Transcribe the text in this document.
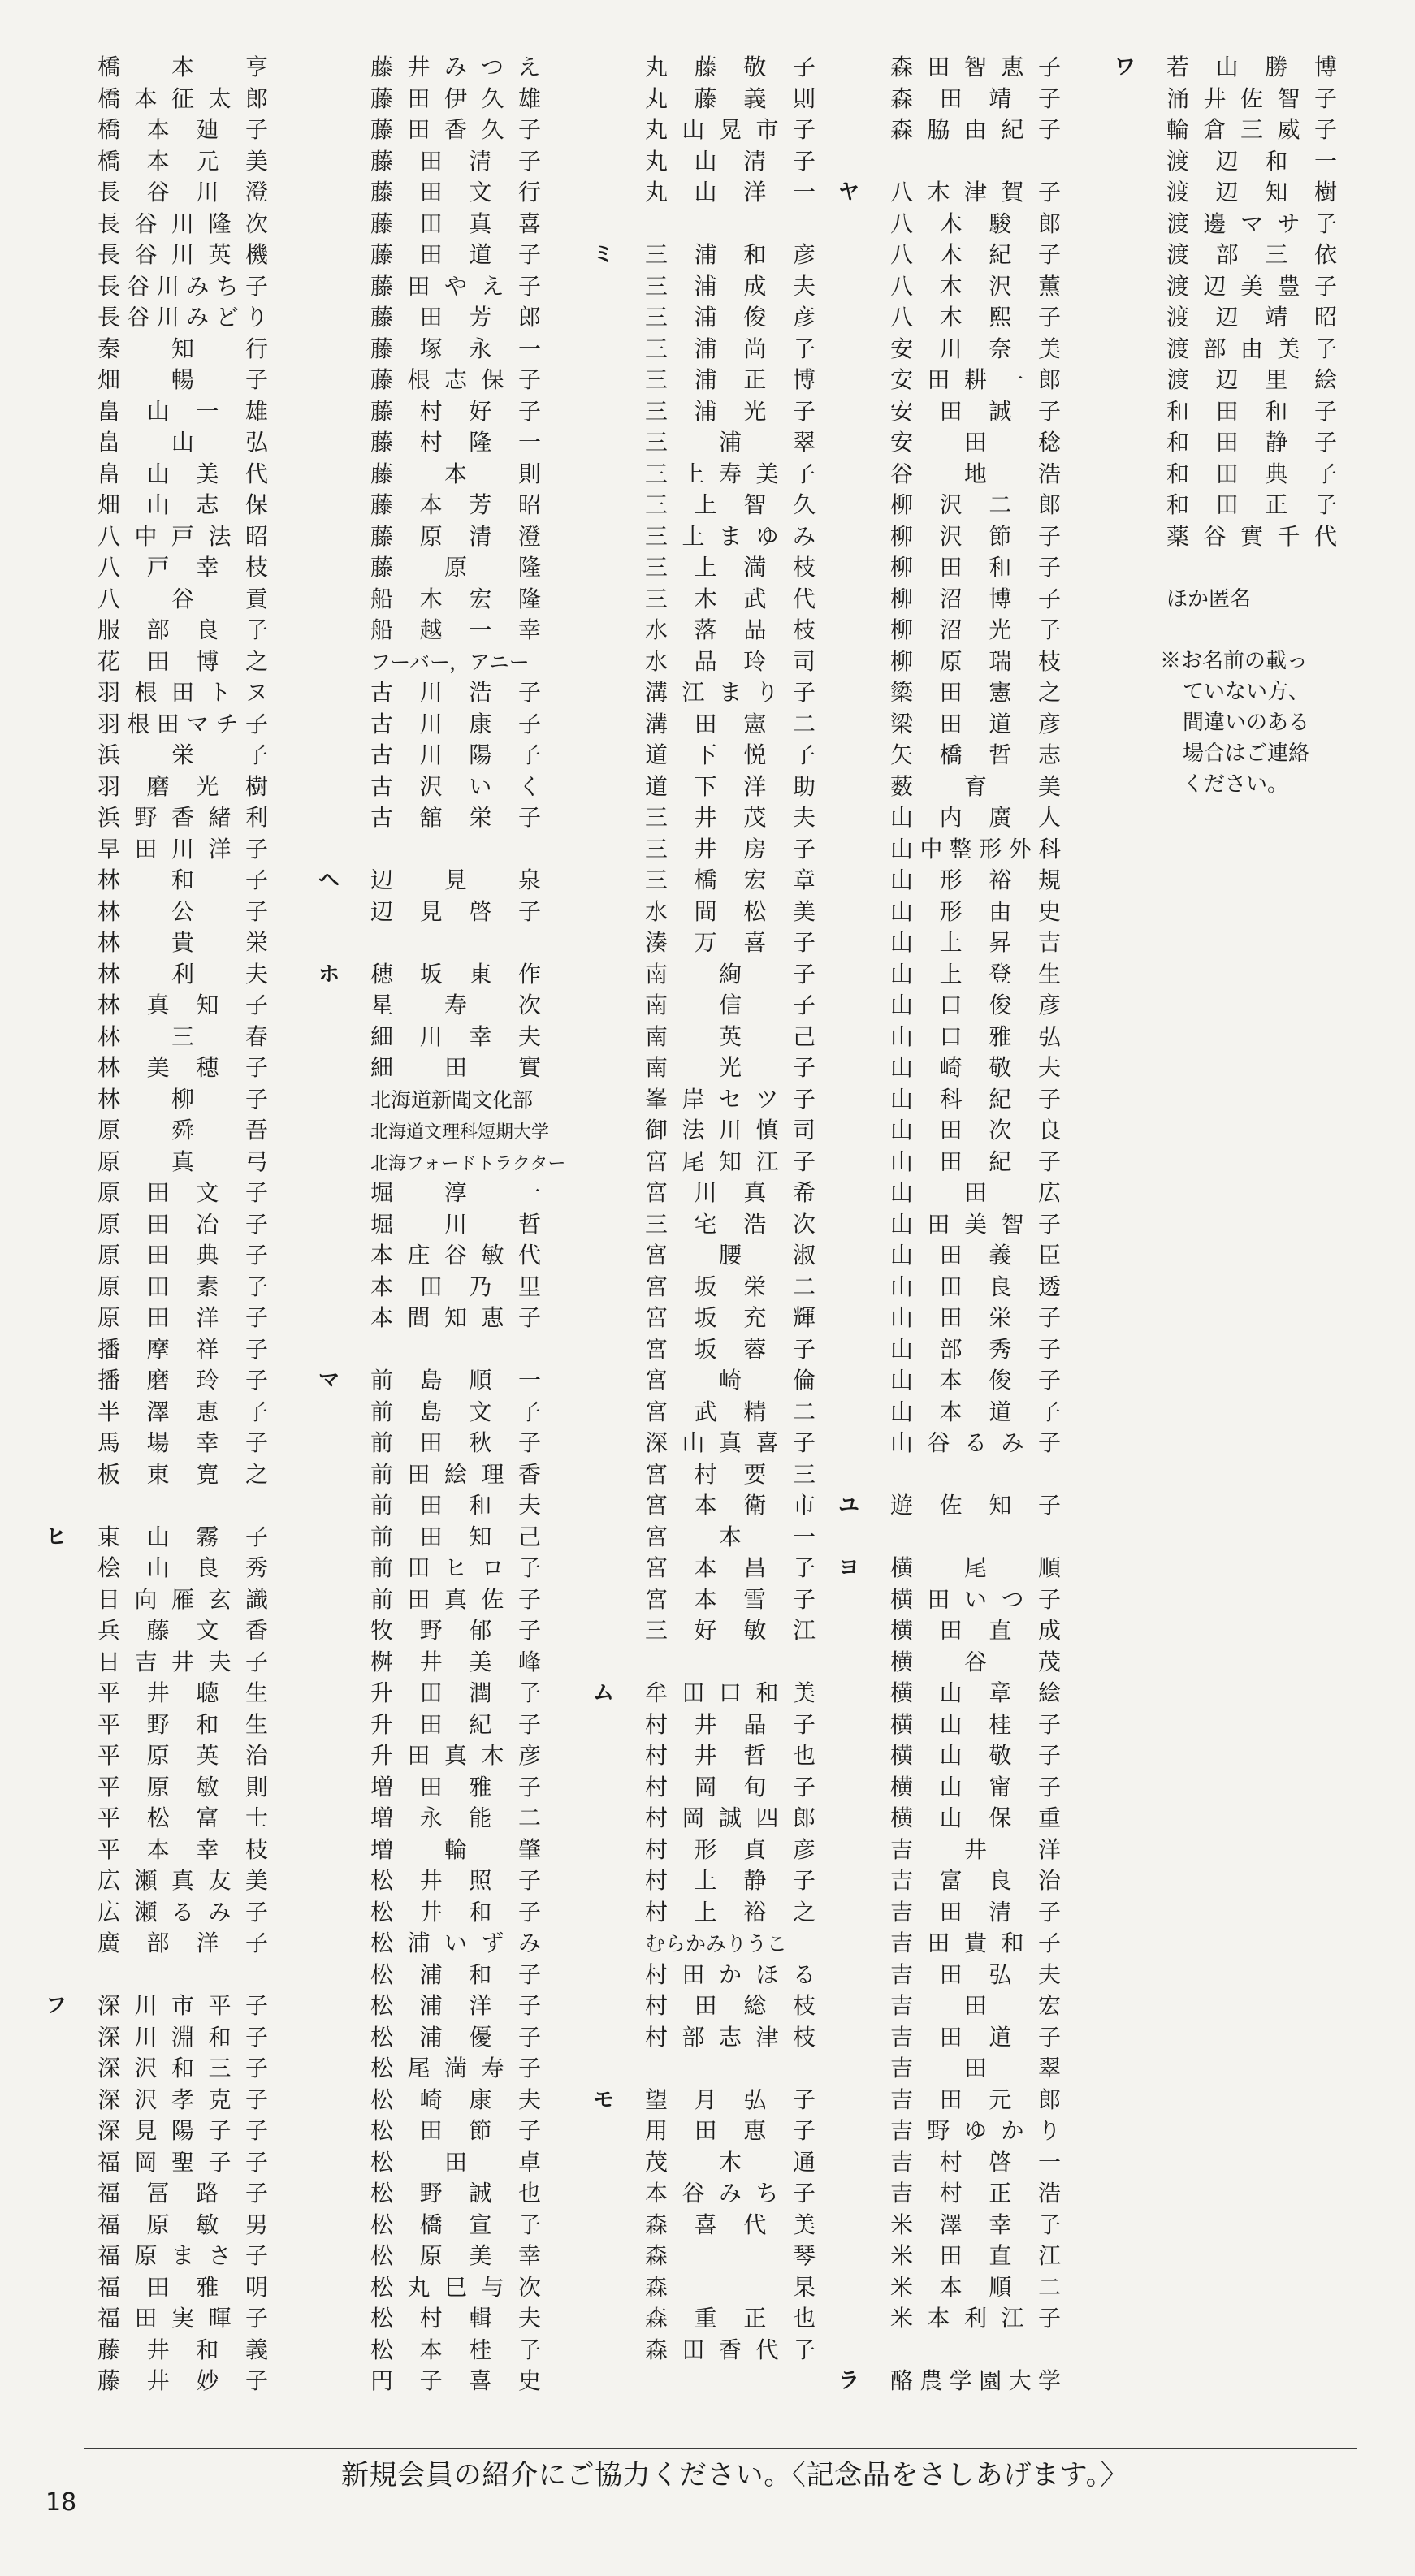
橋本亨
橋本征太郎
橋本廸子
橋本元美
長谷川澄
長谷川隆次
長谷川英機
長谷川みち子
長谷川みどり
秦知行
畑暢子
畠山一雄
畠山弘
畠山美代
畑山志保
八中戸法昭
八戸幸枝
八谷貢
服部良子
花田博之
羽根田トヌ
羽根田マチ子
浜栄子
羽磨光樹
浜野香緒利
早田川洋子
林和子
林公子
林貴栄
林利夫
林真知子
林三春
林美穂子
林柳子
原舜吾
原真弓
原田文子
原田冶子
原田典子
原田素子
原田洋子
播摩祥子
播磨玲子
半澤恵子
馬場幸子
板東寛之
ヒ 東山霧子
桧山良秀
日向雁玄識
兵藤文香
日吉井夫子
平井聴生
平野和生
平原英治
平原敏則
平松富士
平本幸枝
広瀬真友美
広瀬るみ子
廣部洋子
フ 深川市平子
深川淵和子
深沢和三子
深沢孝克子
深見陽子子
福岡聖子子
福冨路子
福原敏男
福原まさ子
福田雅明
福田実暉子
藤井和義
藤井妙子
藤井みつえ
藤田伊久雄
藤田香久子
藤田清子
藤田文行
藤田真喜
藤田道子
藤田やえ子
藤田芳郎
藤塚永一
藤根志保子
藤村好子
藤村隆一
藤本則
藤本芳昭
藤原清澄
藤原隆
船木宏隆
船越一幸
フーバー，アニー
古川浩子
古川康子
古川陽子
古沢いく
古舘栄子
ヘ 辺見泉
辺見啓子
ホ 穂坂東作
星寿次
細川幸夫
細田實
北海道新聞文化部
北海道文理科短期大学
北海フォードトラクター
堀淳一
堀川哲
本庄谷敏代
本田乃里
本間知恵子
マ 前島順一
前島文子
前田秋子
前田絵理香
前田和夫
前田知己
前田ヒロ子
前田真佐子
牧野郁子
桝井美峰
升田潤子
升田紀子
升田真木彦
増田雅子
増永能二
増輪肇
松井照子
松井和子
松浦いずみ
松浦和子
松浦洋子
松浦優子
松尾満寿子
松崎康夫
松田節子
松田卓
松野誠也
松橋宣子
松原美幸
松丸巳与次
松村輯夫
松本桂子
円子喜史
丸藤敬子
丸藤義則
丸山晃市子
丸山清子
丸山洋一
ミ 三浦和彦
三浦成夫
三浦俊彦
三浦尚子
三浦正博
三浦光子
三浦翠
三上寿美子
三上智久
三上まゆみ
三上満枝
三木武代
水落品枝
水品玲司
溝江まり子
溝田憲二
道下悦子
道下洋助
三井茂夫
三井房子
三橋宏章
水間松美
湊万喜子
南絢子
南信子
南英己
南光子
峯岸セツ子
御法川慎司
宮尾知江子
宮川真希
三宅浩次
宮腰淑
宮坂栄二
宮坂充輝
宮坂蓉子
宮崎倫
宮武精二
深山真喜子
宮村要三
宮本衛市
宮本一
宮本昌子
宮本雪子
三好敏江
ム 牟田口和美
村井晶子
村井哲也
村岡旬子
村岡誠四郎
村形貞彦
村上静子
村上裕之
むらかみりうこ
村田かほる
村田総枝
村部志津枝
モ 望月弘子
用田恵子
茂木通
本谷みち子
森喜代美
森琴
森杲
森重正也
森田香代子
森田智恵子
森田靖子
森脇由紀子
ヤ 八木津賀子
八木駿郎
八木紀子
八木沢薫
八木熙子
安川奈美
安田耕一郎
安田誠子
安田稔
谷地浩
柳沢二郎
柳沢節子
柳田和子
柳沼博子
柳沼光子
柳原瑞枝
簗田憲之
梁田道彦
矢橋哲志
薮育美
山内廣人
山中整形外科
山形裕規
山形由史
山上昇吉
山上登生
山口俊彦
山口雅弘
山崎敬夫
山科紀子
山田次良
山田紀子
山田広
山田美智子
山田義臣
山田良透
山田栄子
山部秀子
山本俊子
山本道子
山谷るみ子
ユ 遊佐知子
ヨ 横尾順
横田いつ子
横田直成
横谷茂
横山章絵
横山桂子
横山敬子
横山甯子
横山保重
吉井洋
吉富良治
吉田清子
吉田貴和子
吉田弘夫
吉田宏
吉田道子
吉田翠
吉田元郎
吉野ゆかり
吉村啓一
吉村正浩
米澤幸子
米田直江
米本順二
米本利江子
ラ 酪農学園大学
ワ 若山勝博
涌井佐智子
輪倉三威子
渡辺和一
渡辺知樹
渡邊マサ子
渡部三依
渡辺美豊子
渡辺靖昭
渡部由美子
渡辺里絵
和田和子
和田静子
和田典子
和田正子
薬谷實千代
ほか匿名
※お名前の載っ
ていない方、
間違いのある
場合はご連絡
ください。
新規会員の紹介にご協力ください。〈記念品をさしあげます。〉
18
